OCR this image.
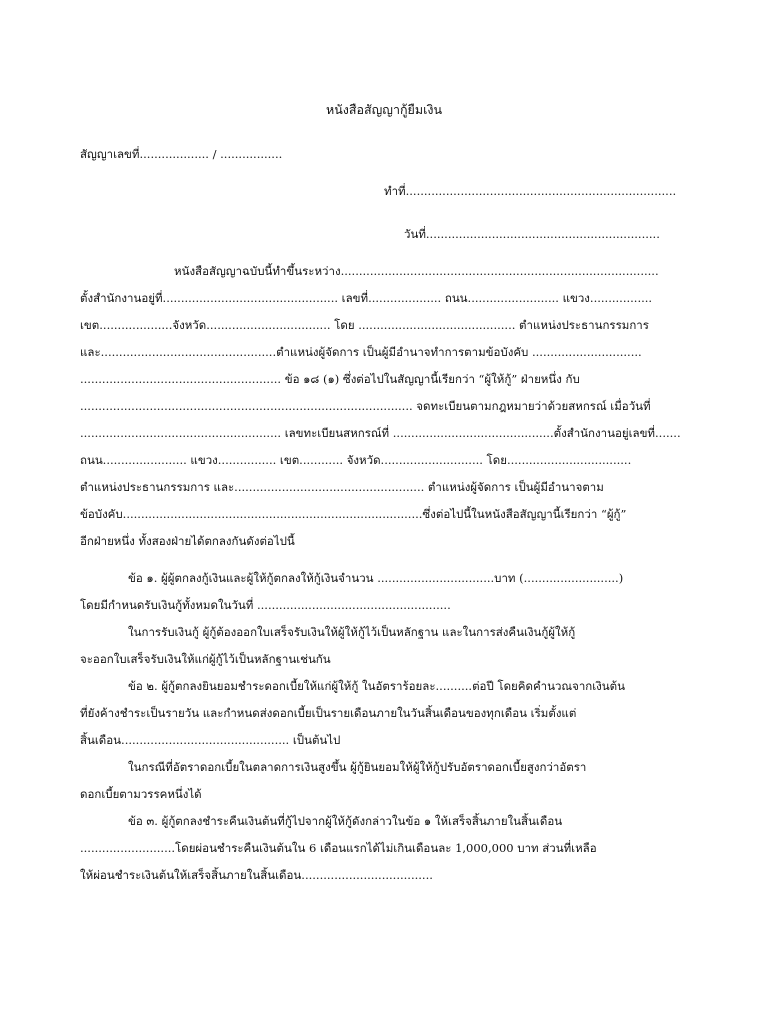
หนังสือสัญญากู้ยืมเงิน
สัญญาเลขที่................... / .................
ทำที่..........................................................................
วันที่................................................................
หนังสือสัญญาฉบับนี้ทำขึ้นระหว่าง.......................................................................................
ตั้งสำนักงานอยู่ที่................................................ เลขที่.................... ถนน......................... แขวง.................
เขต....................จังหวัด.................................. โดย ........................................... ตำแหน่งประธานกรรมการ
และ................................................ตำแหน่งผู้จัดการ เป็นผู้มีอำนาจทำการตามข้อบังคับ ..............................
....................................................... ข้อ ๑๘ (๑) ซึ่งต่อไปในสัญญานี้เรียกว่า “ผู้ให้กู้” ฝ่ายหนึ่ง กับ
........................................................................................... จดทะเบียนตามกฎหมายว่าด้วยสหกรณ์ เมื่อวันที่
....................................................... เลขทะเบียนสหกรณ์ที่ ............................................ตั้งสำนักงานอยู่เลขที่.......
ถนน....................... แขวง................ เขต............ จังหวัด............................ โดย..................................
ตำแหน่งประธานกรรมการ และ.................................................... ตำแหน่งผู้จัดการ เป็นผู้มีอำนาจตาม
ข้อบังคับ..................................................................................ซึ่งต่อไปนี้ในหนังสือสัญญานี้เรียกว่า “ผู้กู้”
อีกฝ่ายหนึ่ง ทั้งสองฝ่ายได้ตกลงกันดังต่อไปนี้
ข้อ ๑. ผู้ผู้ตกลงกู้เงินและผู้ให้กู้ตกลงให้กู้เงินจำนวน ................................บาท (..........................)
โดยมีกำหนดรับเงินกู้ทั้งหมดในวันที่ .....................................................
ในการรับเงินกู้ ผู้กู้ต้องออกใบเสร็จรับเงินให้ผู้ให้กู้ไว้เป็นหลักฐาน และในการส่งคืนเงินกู้ผู้ให้กู้
จะออกใบเสร็จรับเงินให้แก่ผู้กู้ไว้เป็นหลักฐานเช่นกัน
ข้อ ๒. ผู้กู้ตกลงยินยอมชำระดอกเบี้ยให้แก่ผู้ให้กู้ ในอัตราร้อยละ..........ต่อปี โดยคิดคำนวณจากเงินต้น
ที่ยังค้างชำระเป็นรายวัน และกำหนดส่งดอกเบี้ยเป็นรายเดือนภายในวันสิ้นเดือนของทุกเดือน เริ่มตั้งแต่
สิ้นเดือน.............................................. เป็นต้นไป
ในกรณีที่อัตราดอกเบี้ยในตลาดการเงินสูงขึ้น ผู้กู้ยินยอมให้ผู้ให้กู้ปรับอัตราดอกเบี้ยสูงกว่าอัตรา
ดอกเบี้ยตามวรรคหนึ่งได้
ข้อ ๓. ผู้กู้ตกลงชำระคืนเงินต้นที่กู้ไปจากผู้ให้กู้ดังกล่าวในข้อ ๑ ให้เสร็จสิ้นภายในสิ้นเดือน
..........................โดยผ่อนชำระคืนเงินต้นใน 6 เดือนแรกได้ไม่เกินเดือนละ 1,000,000 บาท ส่วนที่เหลือ
ให้ผ่อนชำระเงินต้นให้เสร็จสิ้นภายในสิ้นเดือน....................................
